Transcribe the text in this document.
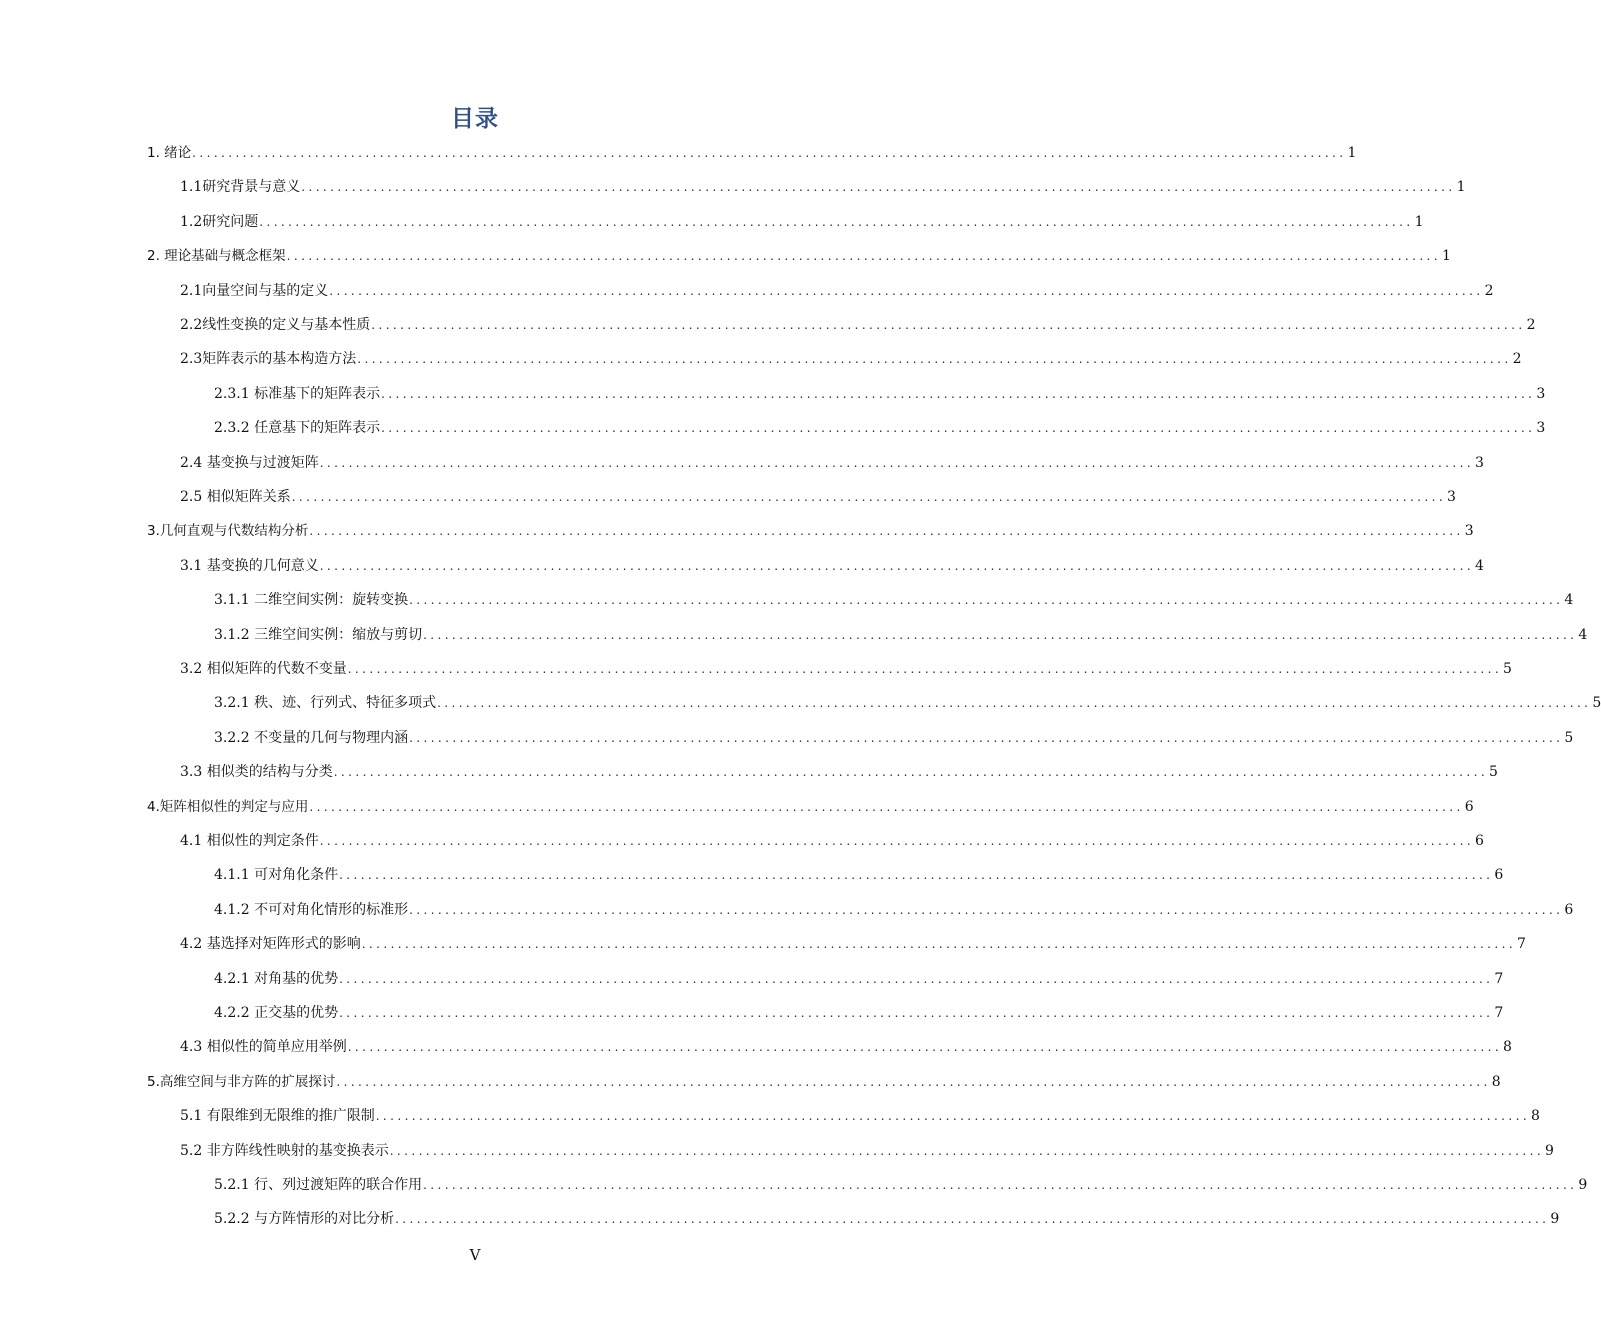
目录
1. 绪论 ................................................................................................................................................................ 1
1.1研究背景与意义 ................................................................................................................................................................ 1
1.2研究问题 ................................................................................................................................................................ 1
2. 理论基础与概念框架 ................................................................................................................................................................ 1
2.1向量空间与基的定义 ................................................................................................................................................................ 2
2.2线性变换的定义与基本性质 ................................................................................................................................................................ 2
2.3矩阵表示的基本构造方法 ................................................................................................................................................................ 2
2.3.1 标准基下的矩阵表示 ................................................................................................................................................................ 3
2.3.2 任意基下的矩阵表示 ................................................................................................................................................................ 3
2.4 基变换与过渡矩阵 ................................................................................................................................................................ 3
2.5 相似矩阵关系 ................................................................................................................................................................ 3
3.几何直观与代数结构分析 ................................................................................................................................................................ 3
3.1 基变换的几何意义 ................................................................................................................................................................ 4
3.1.1 二维空间实例：旋转变换 ................................................................................................................................................................ 4
3.1.2 三维空间实例：缩放与剪切 ................................................................................................................................................................ 4
3.2 相似矩阵的代数不变量 ................................................................................................................................................................ 5
3.2.1 秩、迹、行列式、特征多项式 ................................................................................................................................................................ 5
3.2.2 不变量的几何与物理内涵 ................................................................................................................................................................ 5
3.3 相似类的结构与分类 ................................................................................................................................................................ 5
4.矩阵相似性的判定与应用 ................................................................................................................................................................ 6
4.1 相似性的判定条件 ................................................................................................................................................................ 6
4.1.1 可对角化条件 ................................................................................................................................................................ 6
4.1.2 不可对角化情形的标准形 ................................................................................................................................................................ 6
4.2 基选择对矩阵形式的影响 ................................................................................................................................................................ 7
4.2.1 对角基的优势 ................................................................................................................................................................ 7
4.2.2 正交基的优势 ................................................................................................................................................................ 7
4.3 相似性的简单应用举例 ................................................................................................................................................................ 8
5.高维空间与非方阵的扩展探讨 ................................................................................................................................................................ 8
5.1 有限维到无限维的推广限制 ................................................................................................................................................................ 8
5.2 非方阵线性映射的基变换表示 ................................................................................................................................................................ 9
5.2.1 行、列过渡矩阵的联合作用 ................................................................................................................................................................ 9
5.2.2 与方阵情形的对比分析 ................................................................................................................................................................ 9
V
